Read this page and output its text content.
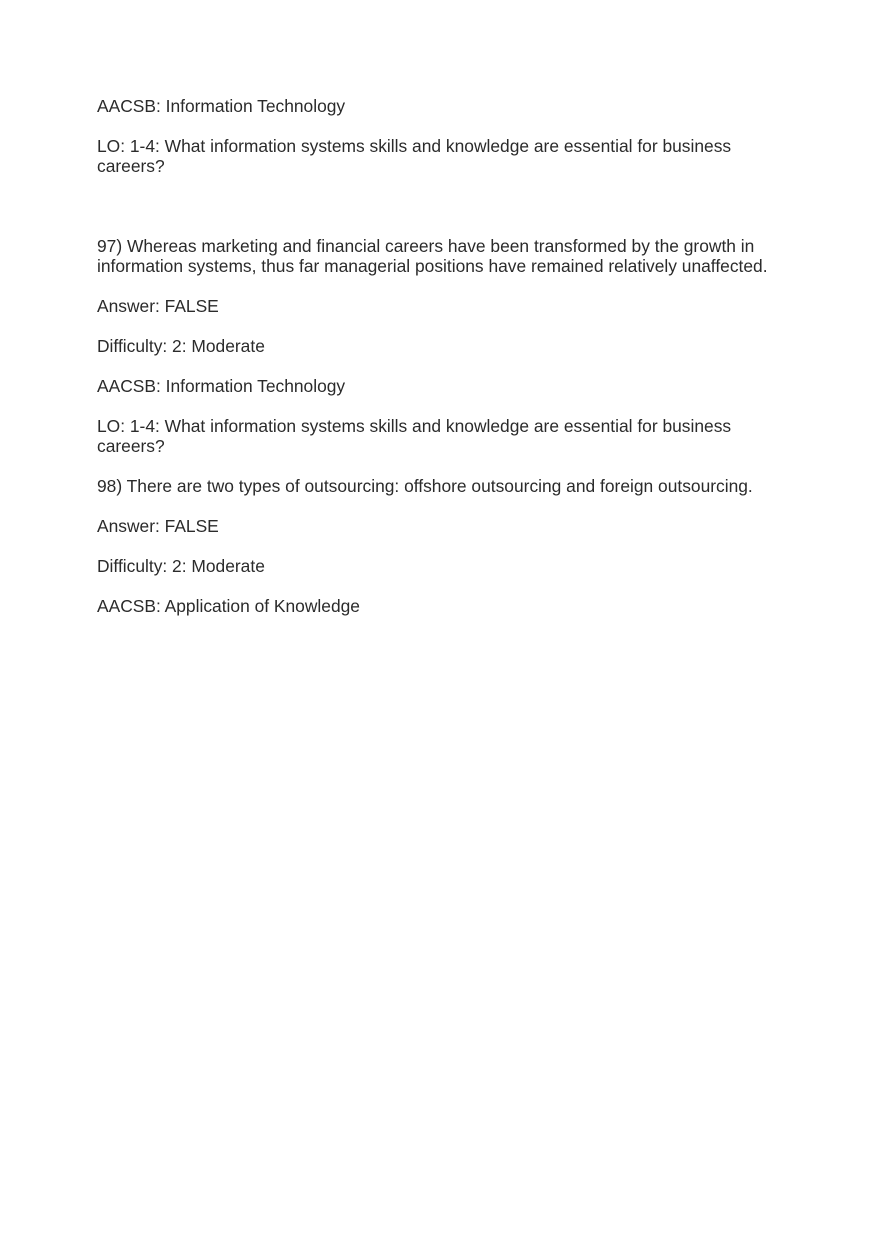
AACSB: Information Technology

LO: 1-4: What information systems skills and knowledge are essential for business careers?

97) Whereas marketing and financial careers have been transformed by the growth in information systems, thus far managerial positions have remained relatively unaffected.

Answer: FALSE

Difficulty: 2: Moderate

AACSB: Information Technology

LO: 1-4: What information systems skills and knowledge are essential for business careers?

98) There are two types of outsourcing: offshore outsourcing and foreign outsourcing.

Answer: FALSE

Difficulty: 2: Moderate

AACSB: Application of Knowledge
